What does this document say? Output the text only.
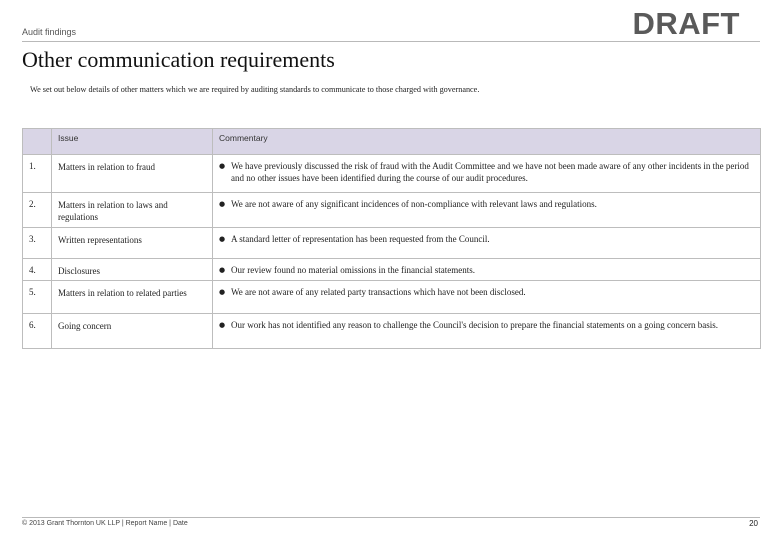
Audit findings	DRAFT
Other communication requirements
We set out below details of other matters which we are required by auditing standards to communicate to those charged with governance.
	Issue	Commentary
1.	Matters in relation to fraud	● We have previously discussed the risk of fraud with the Audit Committee and we have not been made aware of any other incidents in the period and no other issues have been identified during the course of our audit procedures.

2.	Matters in relation to laws and regulations	● We are not aware of any significant incidences of non-compliance with relevant laws and regulations.

3.	Written representations	● A standard letter of representation has been requested from the Council.

4.	Disclosures	● Our review found no material omissions in the financial statements.

5.	Matters in relation to related parties	● We are not aware of any related party transactions which have not been disclosed.

6.	Going concern	● Our work has not identified any reason to challenge the Council's decision to prepare the financial statements on a going concern basis.
© 2013 Grant Thornton UK LLP | Report Name | Date	20
